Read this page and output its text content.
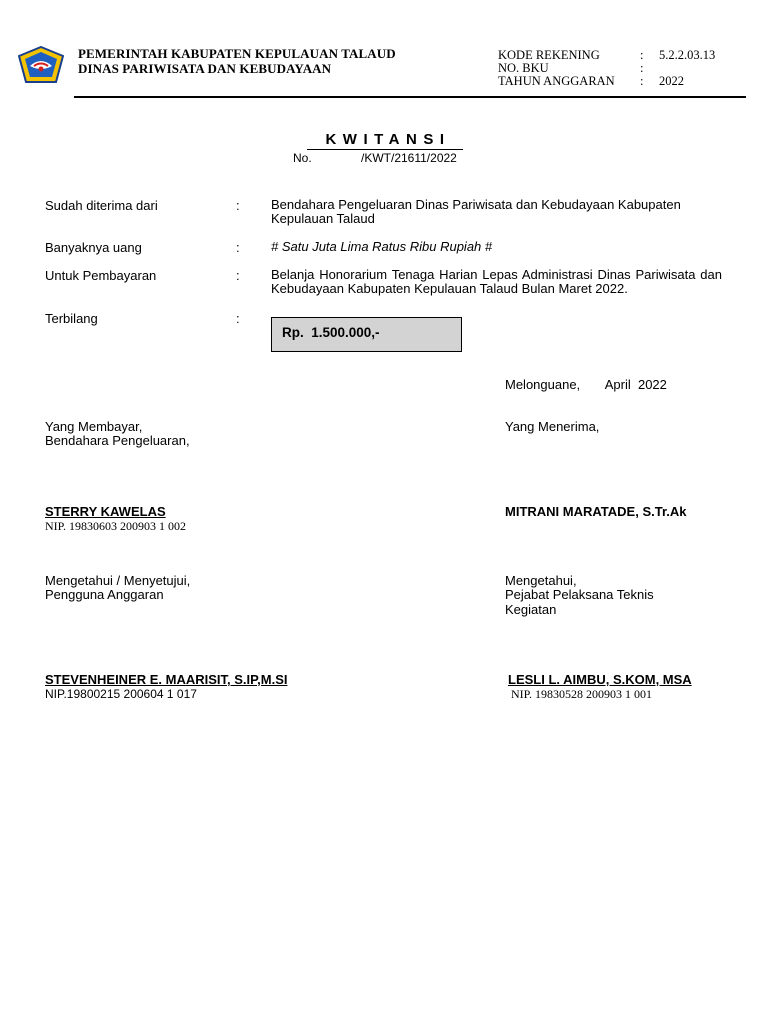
PEMERINTAH KABUPATEN KEPULAUAN TALAUD
DINAS PARIWISATA DAN KEBUDAYAAN
KODE REKENING	: 5.2.2.03.13
NO. BKU	:
TAHUN ANGGARAN : 2022
KWITANSI
No.	/KWT/21611/2022
Sudah diterima dari	: Bendahara Pengeluaran Dinas Pariwisata dan Kebudayaan Kabupaten Kepulauan Talaud
Banyaknya uang	: # Satu Juta Lima Ratus Ribu Rupiah #
Untuk Pembayaran	: Belanja Honorarium Tenaga Harian Lepas Administrasi Dinas Pariwisata dan Kebudayaan Kabupaten Kepulauan Talaud Bulan Maret 2022.
Terbilang	:
Rp.  1.500.000,-
Melonguane,       April  2022
Yang Membayar,
Bendahara Pengeluaran,
Yang Menerima,
STERRY KAWELAS
NIP. 19830603 200903 1 002
MITRANI MARATADE, S.Tr.Ak
Mengetahui / Menyetujui,
Pengguna Anggaran
Mengetahui,
Pejabat Pelaksana Teknis
Kegiatan
STEVENHEINER E. MAARISIT, S.IP,M.SI
NIP.19800215 200604 1 017
LESLI L. AIMBU, S.KOM, MSA
NIP. 19830528 200903 1 001
